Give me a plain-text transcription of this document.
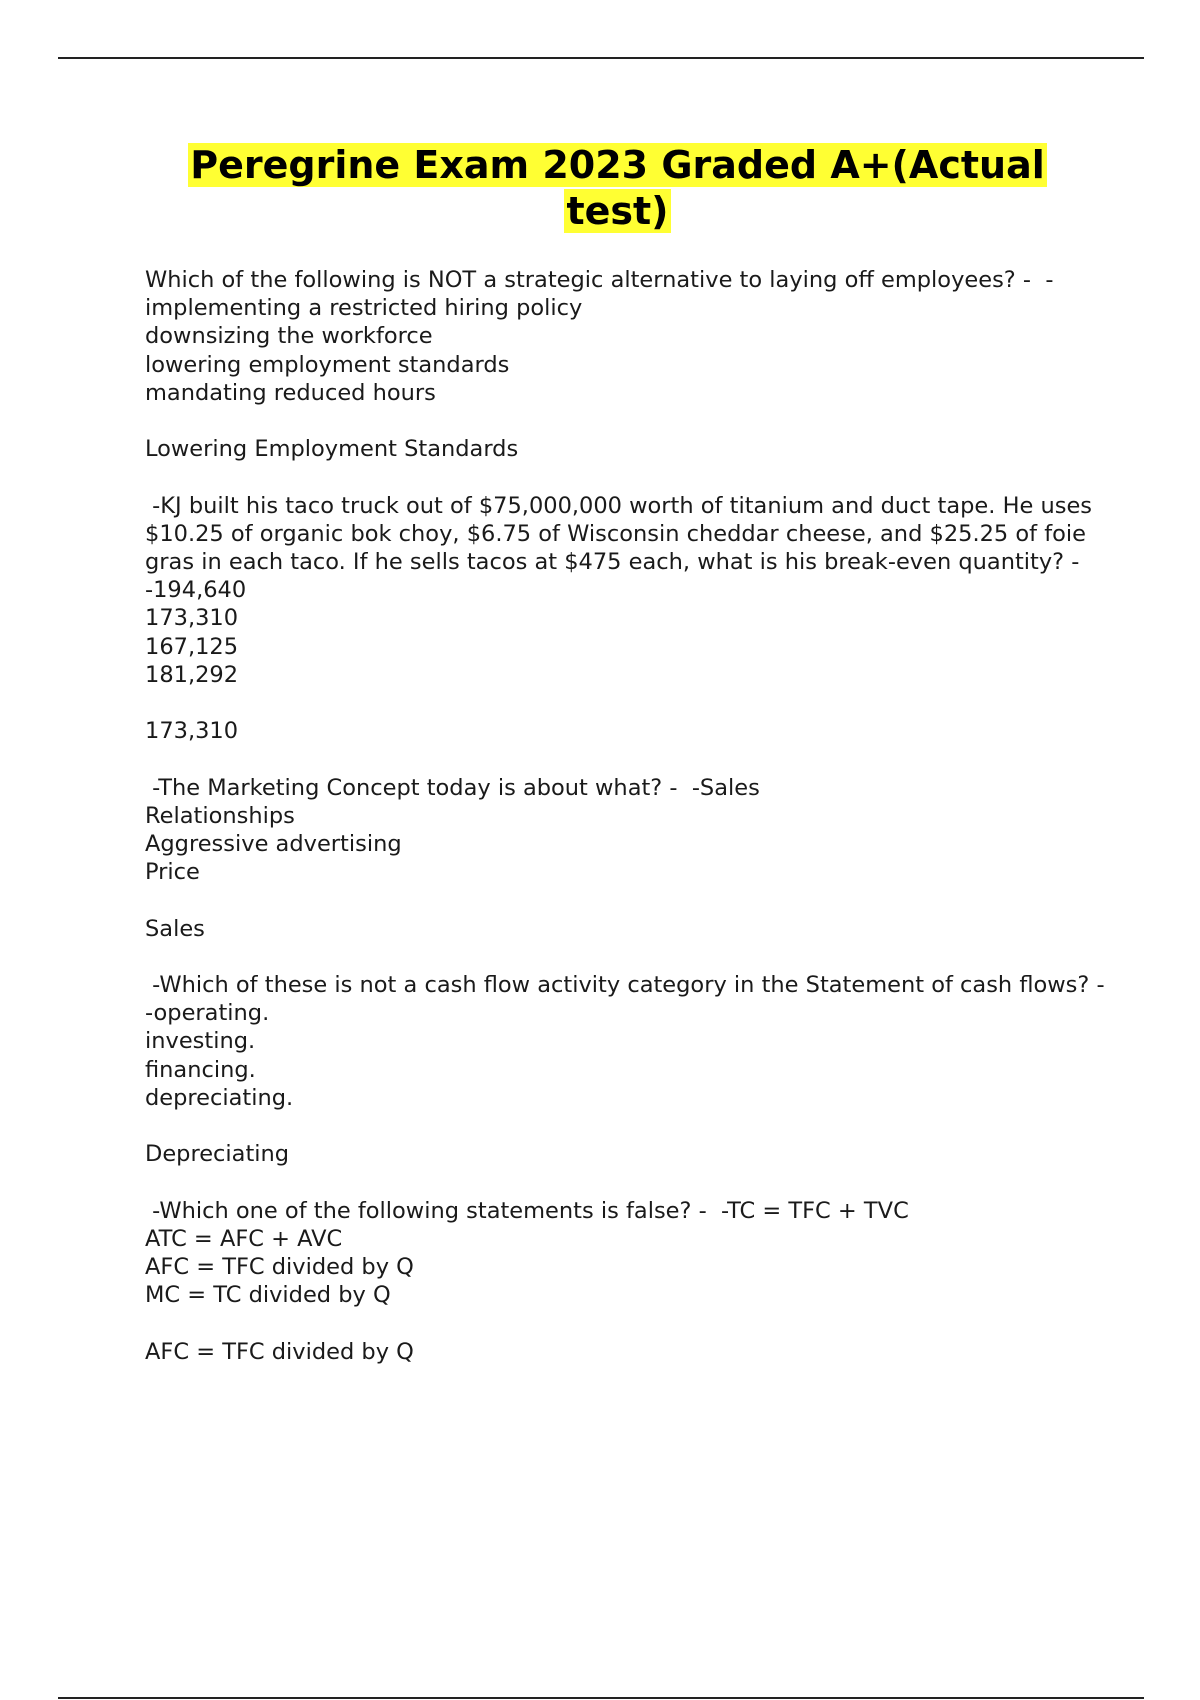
Peregrine Exam 2023 Graded A+(Actual test)
Which of the following is NOT a strategic alternative to laying off employees? -  -implementing a restricted hiring policy
downsizing the workforce
lowering employment standards
mandating reduced hours
Lowering Employment Standards
-KJ built his taco truck out of $75,000,000 worth of titanium and duct tape. He uses $10.25 of organic bok choy, $6.75 of Wisconsin cheddar cheese, and $25.25 of foie gras in each taco. If he sells tacos at $475 each, what is his break-even quantity? -  -194,640
173,310
167,125
181,292
173,310
-The Marketing Concept today is about what? -  -Sales
Relationships
Aggressive advertising
Price
Sales
-Which of these is not a cash flow activity category in the Statement of cash flows? -  -operating.
investing.
financing.
depreciating.
Depreciating
-Which one of the following statements is false? -  -TC = TFC + TVC
ATC = AFC + AVC
AFC = TFC divided by Q
MC = TC divided by Q
AFC = TFC divided by Q
